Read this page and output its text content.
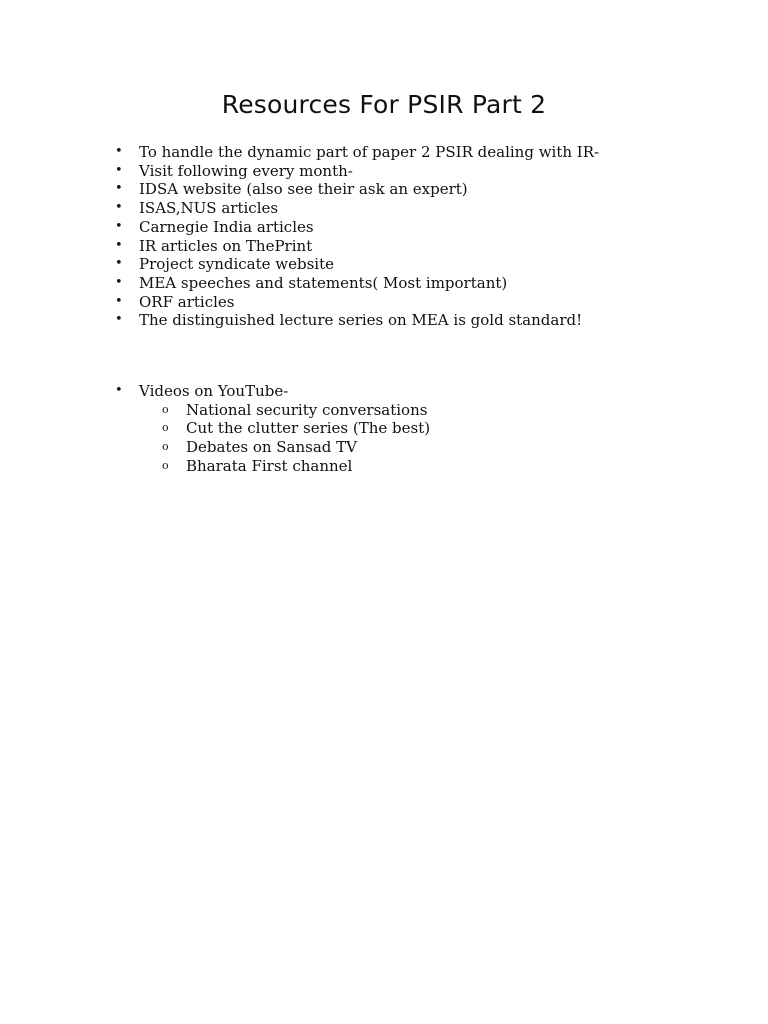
Resources For PSIR Part 2
• To handle the dynamic part of paper 2 PSIR dealing with IR-
• Visit following every month-
• IDSA website (also see their ask an expert)
• ISAS,NUS articles
• Carnegie India articles
• IR articles on ThePrint
• Project syndicate website
• MEA speeches and statements( Most important)
• ORF articles
• The distinguished lecture series on MEA is gold standard!
• Videos on YouTube-
o National security conversations
o Cut the clutter series (The best)
o Debates on Sansad TV
o Bharata First channel
